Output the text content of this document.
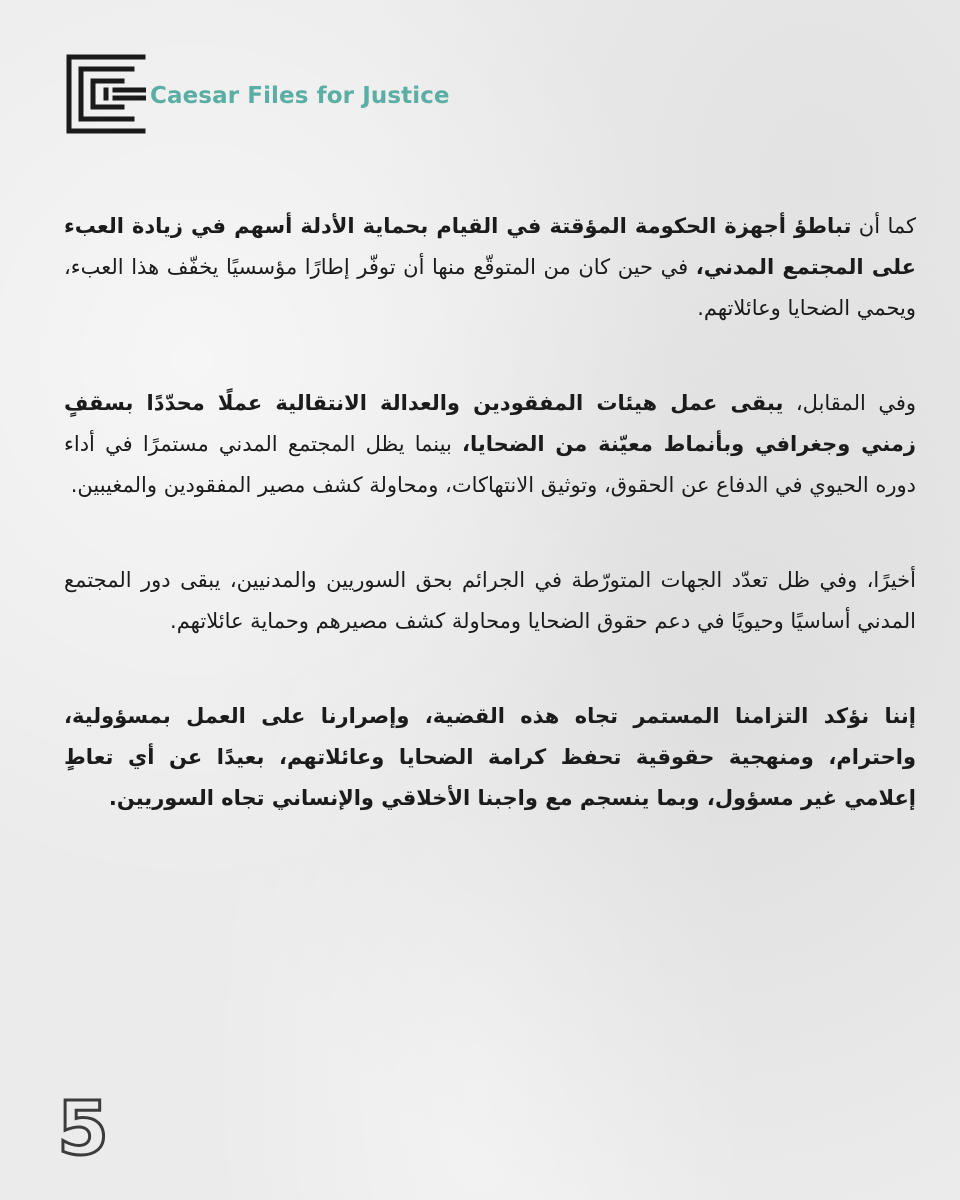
Caesar Files for Justice

كما أن تباطؤ أجهزة الحكومة المؤقتة في القيام بحماية الأدلة أسهم في زيادة العبء على المجتمع المدني، في حين كان من المتوقّع منها أن توفّر إطارًا مؤسسيًا يخفّف هذا العبء، ويحمي الضحايا وعائلاتهم.

وفي المقابل، يبقى عمل هيئات المفقودين والعدالة الانتقالية عملًا محدّدًا بسقفٍ زمني وجغرافي وبأنماط معيّنة من الضحايا، بينما يظل المجتمع المدني مستمرًا في أداء دوره الحيوي في الدفاع عن الحقوق، وتوثيق الانتهاكات، ومحاولة كشف مصير المفقودين والمغيبين.

أخيرًا، وفي ظل تعدّد الجهات المتورّطة في الجرائم بحق السوريين والمدنيين، يبقى دور المجتمع المدني أساسيًا وحيويًا في دعم حقوق الضحايا ومحاولة كشف مصيرهم وحماية عائلاتهم.

إننا نؤكد التزامنا المستمر تجاه هذه القضية، وإصرارنا على العمل بمسؤولية، واحترام، ومنهجية حقوقية تحفظ كرامة الضحايا وعائلاتهم، بعيدًا عن أي تعاطٍ إعلامي غير مسؤول، وبما ينسجم مع واجبنا الأخلاقي والإنساني تجاه السوريين.

5
